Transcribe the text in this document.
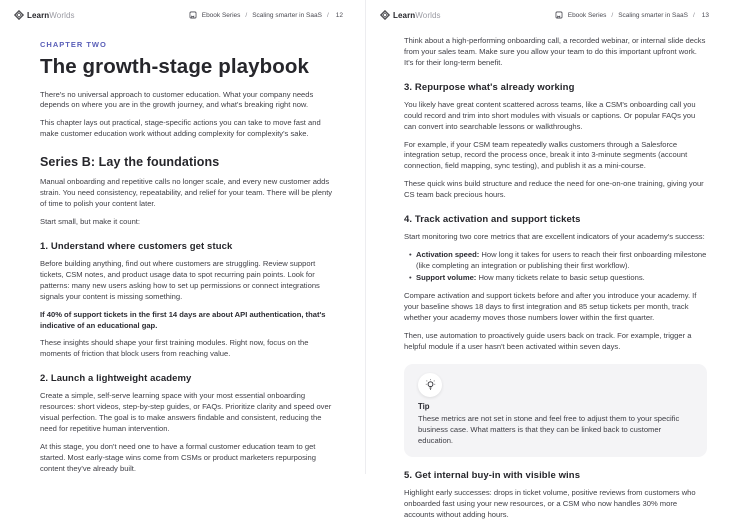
LearnWorlds	Ebook Series / Scaling smarter in SaaS / 12
CHAPTER TWO
The growth-stage playbook

There's no universal approach to customer education. What your company needs depends on where you are in the growth journey, and what's breaking right now.

This chapter lays out practical, stage-specific actions you can take to move fast and make customer education work without adding complexity for complexity's sake.

Series B: Lay the foundations

Manual onboarding and repetitive calls no longer scale, and every new customer adds strain. You need consistency, repeatability, and relief for your team. There will be plenty of time to polish your content later.

Start small, but make it count:

1. Understand where customers get stuck

Before building anything, find out where customers are struggling. Review support tickets, CSM notes, and product usage data to spot recurring pain points. Look for patterns: many new users asking how to set up permissions or connect integrations signals your content is missing something.

If 40% of support tickets in the first 14 days are about API authentication, that's indicative of an educational gap.

These insights should shape your first training modules. Right now, focus on the moments of friction that block users from reaching value.

2. Launch a lightweight academy

Create a simple, self-serve learning space with your most essential onboarding resources: short videos, step-by-step guides, or FAQs. Prioritize clarity and speed over visual perfection. The goal is to make answers findable and consistent, reducing the need for repetitive human intervention.

At this stage, you don't need one to have a formal customer education team to get started. Most early-stage wins come from CSMs or product marketers repurposing content they've already built.

LearnWorlds	Ebook Series / Scaling smarter in SaaS / 13

Think about a high-performing onboarding call, a recorded webinar, or internal slide decks from your sales team. Make sure you allow your team to do this important upfront work. It's for their long-term benefit.

3. Repurpose what's already working

You likely have great content scattered across teams, like a CSM's onboarding call you could record and trim into short modules with visuals or captions. Or popular FAQs you can convert into searchable lessons or walkthroughs.

For example, if your CSM team repeatedly walks customers through a Salesforce integration setup, record the process once, break it into 3-minute segments (account connection, field mapping, sync testing), and publish it as a mini-course.

These quick wins build structure and reduce the need for one-on-one training, giving your CS team back precious hours.

4. Track activation and support tickets

Start monitoring two core metrics that are excellent indicators of your academy's success:

• Activation speed: How long it takes for users to reach their first onboarding milestone (like completing an integration or publishing their first workflow).
• Support volume: How many tickets relate to basic setup questions.

Compare activation and support tickets before and after you introduce your academy. If your baseline shows 18 days to first integration and 85 setup tickets per month, track whether your academy moves those numbers lower within the first quarter.

Then, use automation to proactively guide users back on track. For example, trigger a helpful module if a user hasn't been activated within seven days.

Tip

These metrics are not set in stone and feel free to adjust them to your specific business case. What matters is that they can be linked back to customer education.

5. Get internal buy-in with visible wins

Highlight early successes: drops in ticket volume, positive reviews from customers who onboarded fast using your new resources, or a CSM who now handles 30% more accounts without adding hours.
